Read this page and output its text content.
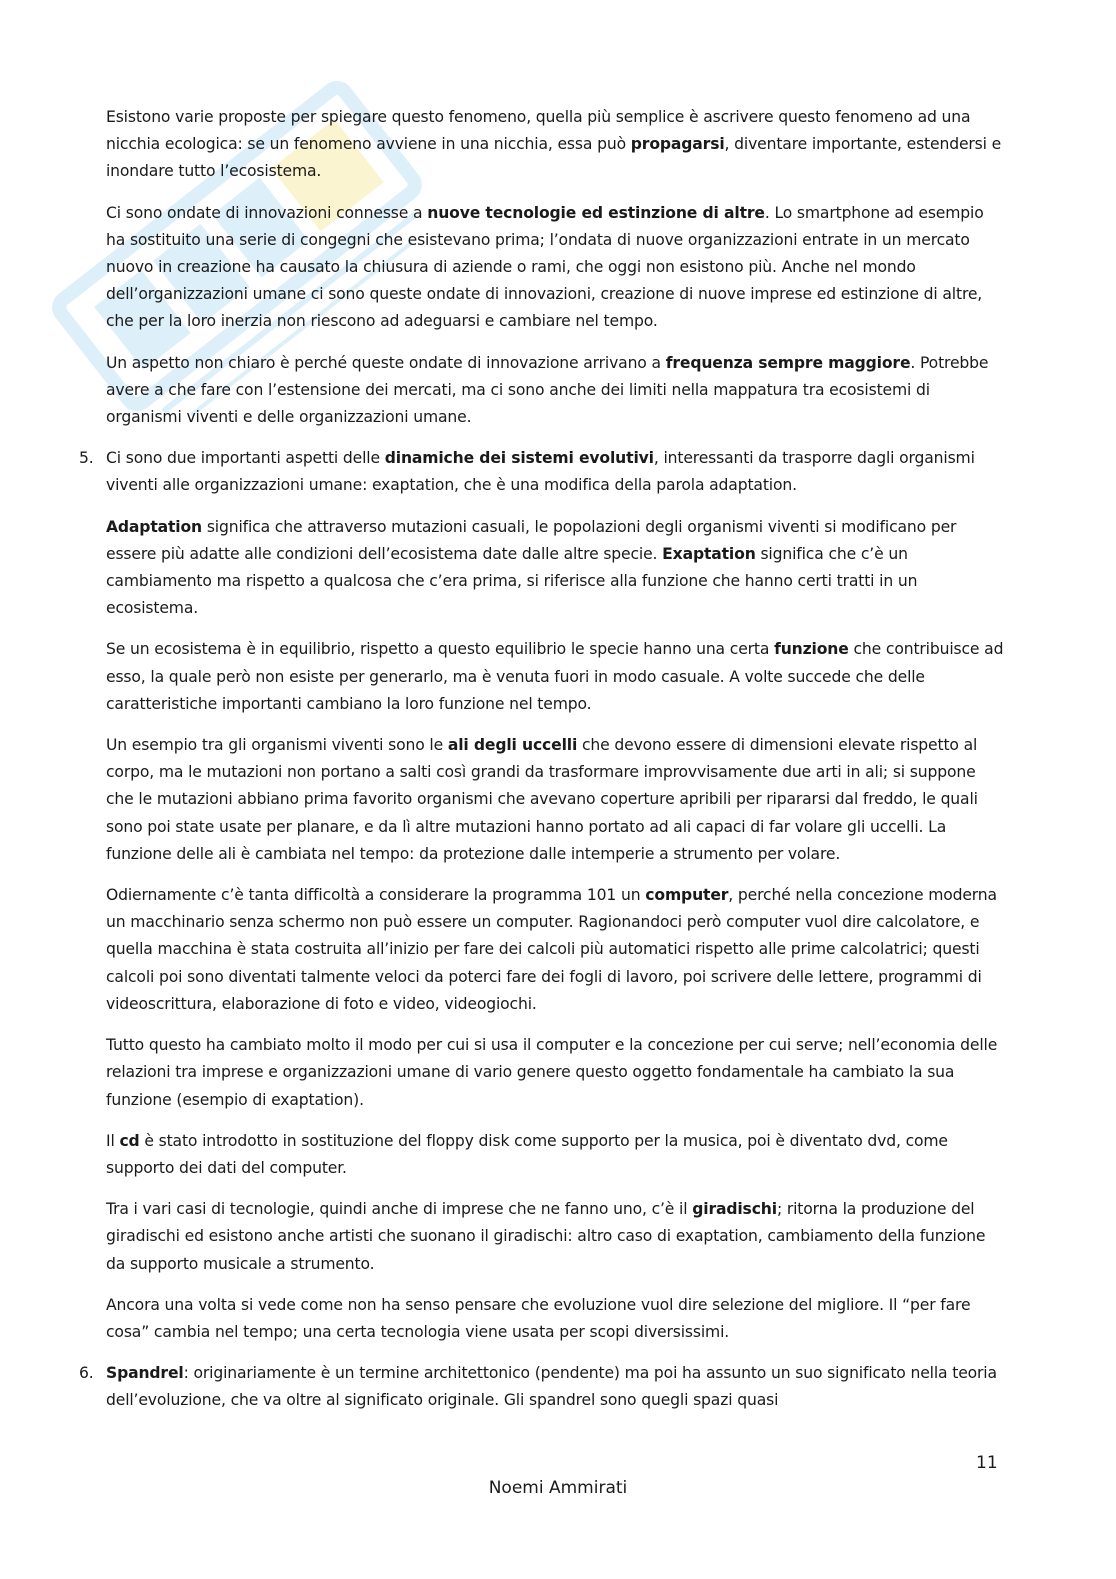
Esistono varie proposte per spiegare questo fenomeno, quella più semplice è ascrivere questo fenomeno ad una nicchia ecologica: se un fenomeno avviene in una nicchia, essa può propagarsi, diventare importante, estendersi e inondare tutto l’ecosistema.

Ci sono ondate di innovazioni connesse a nuove tecnologie ed estinzione di altre. Lo smartphone ad esempio ha sostituito una serie di congegni che esistevano prima; l’ondata di nuove organizzazioni entrate in un mercato nuovo in creazione ha causato la chiusura di aziende o rami, che oggi non esistono più. Anche nel mondo dell’organizzazioni umane ci sono queste ondate di innovazioni, creazione di nuove imprese ed estinzione di altre, che per la loro inerzia non riescono ad adeguarsi e cambiare nel tempo.

Un aspetto non chiaro è perché queste ondate di innovazione arrivano a frequenza sempre maggiore. Potrebbe avere a che fare con l’estensione dei mercati, ma ci sono anche dei limiti nella mappatura tra ecosistemi di organismi viventi e delle organizzazioni umane.

5. Ci sono due importanti aspetti delle dinamiche dei sistemi evolutivi, interessanti da trasporre dagli organismi viventi alle organizzazioni umane: exaptation, che è una modifica della parola adaptation.

Adaptation significa che attraverso mutazioni casuali, le popolazioni degli organismi viventi si modificano per essere più adatte alle condizioni dell’ecosistema date dalle altre specie. Exaptation significa che c’è un cambiamento ma rispetto a qualcosa che c’era prima, si riferisce alla funzione che hanno certi tratti in un ecosistema.

Se un ecosistema è in equilibrio, rispetto a questo equilibrio le specie hanno una certa funzione che contribuisce ad esso, la quale però non esiste per generarlo, ma è venuta fuori in modo casuale. A volte succede che delle caratteristiche importanti cambiano la loro funzione nel tempo.

Un esempio tra gli organismi viventi sono le ali degli uccelli che devono essere di dimensioni elevate rispetto al corpo, ma le mutazioni non portano a salti così grandi da trasformare improvvisamente due arti in ali; si suppone che le mutazioni abbiano prima favorito organismi che avevano coperture apribili per ripararsi dal freddo, le quali sono poi state usate per planare, e da lì altre mutazioni hanno portato ad ali capaci di far volare gli uccelli. La funzione delle ali è cambiata nel tempo: da protezione dalle intemperie a strumento per volare.

Odiernamente c’è tanta difficoltà a considerare la programma 101 un computer, perché nella concezione moderna un macchinario senza schermo non può essere un computer. Ragionandoci però computer vuol dire calcolatore, e quella macchina è stata costruita all’inizio per fare dei calcoli più automatici rispetto alle prime calcolatrici; questi calcoli poi sono diventati talmente veloci da poterci fare dei fogli di lavoro, poi scrivere delle lettere, programmi di videoscrittura, elaborazione di foto e video, videogiochi.

Tutto questo ha cambiato molto il modo per cui si usa il computer e la concezione per cui serve; nell’economia delle relazioni tra imprese e organizzazioni umane di vario genere questo oggetto fondamentale ha cambiato la sua funzione (esempio di exaptation).

Il cd è stato introdotto in sostituzione del floppy disk come supporto per la musica, poi è diventato dvd, come supporto dei dati del computer.

Tra i vari casi di tecnologie, quindi anche di imprese che ne fanno uno, c’è il giradischi; ritorna la produzione del giradischi ed esistono anche artisti che suonano il giradischi: altro caso di exaptation, cambiamento della funzione da supporto musicale a strumento.

Ancora una volta si vede come non ha senso pensare che evoluzione vuol dire selezione del migliore. Il “per fare cosa” cambia nel tempo; una certa tecnologia viene usata per scopi diversissimi.

6. Spandrel: originariamente è un termine architettonico (pendente) ma poi ha assunto un suo significato nella teoria dell’evoluzione, che va oltre al significato originale. Gli spandrel sono quegli spazi quasi

11
Noemi Ammirati
